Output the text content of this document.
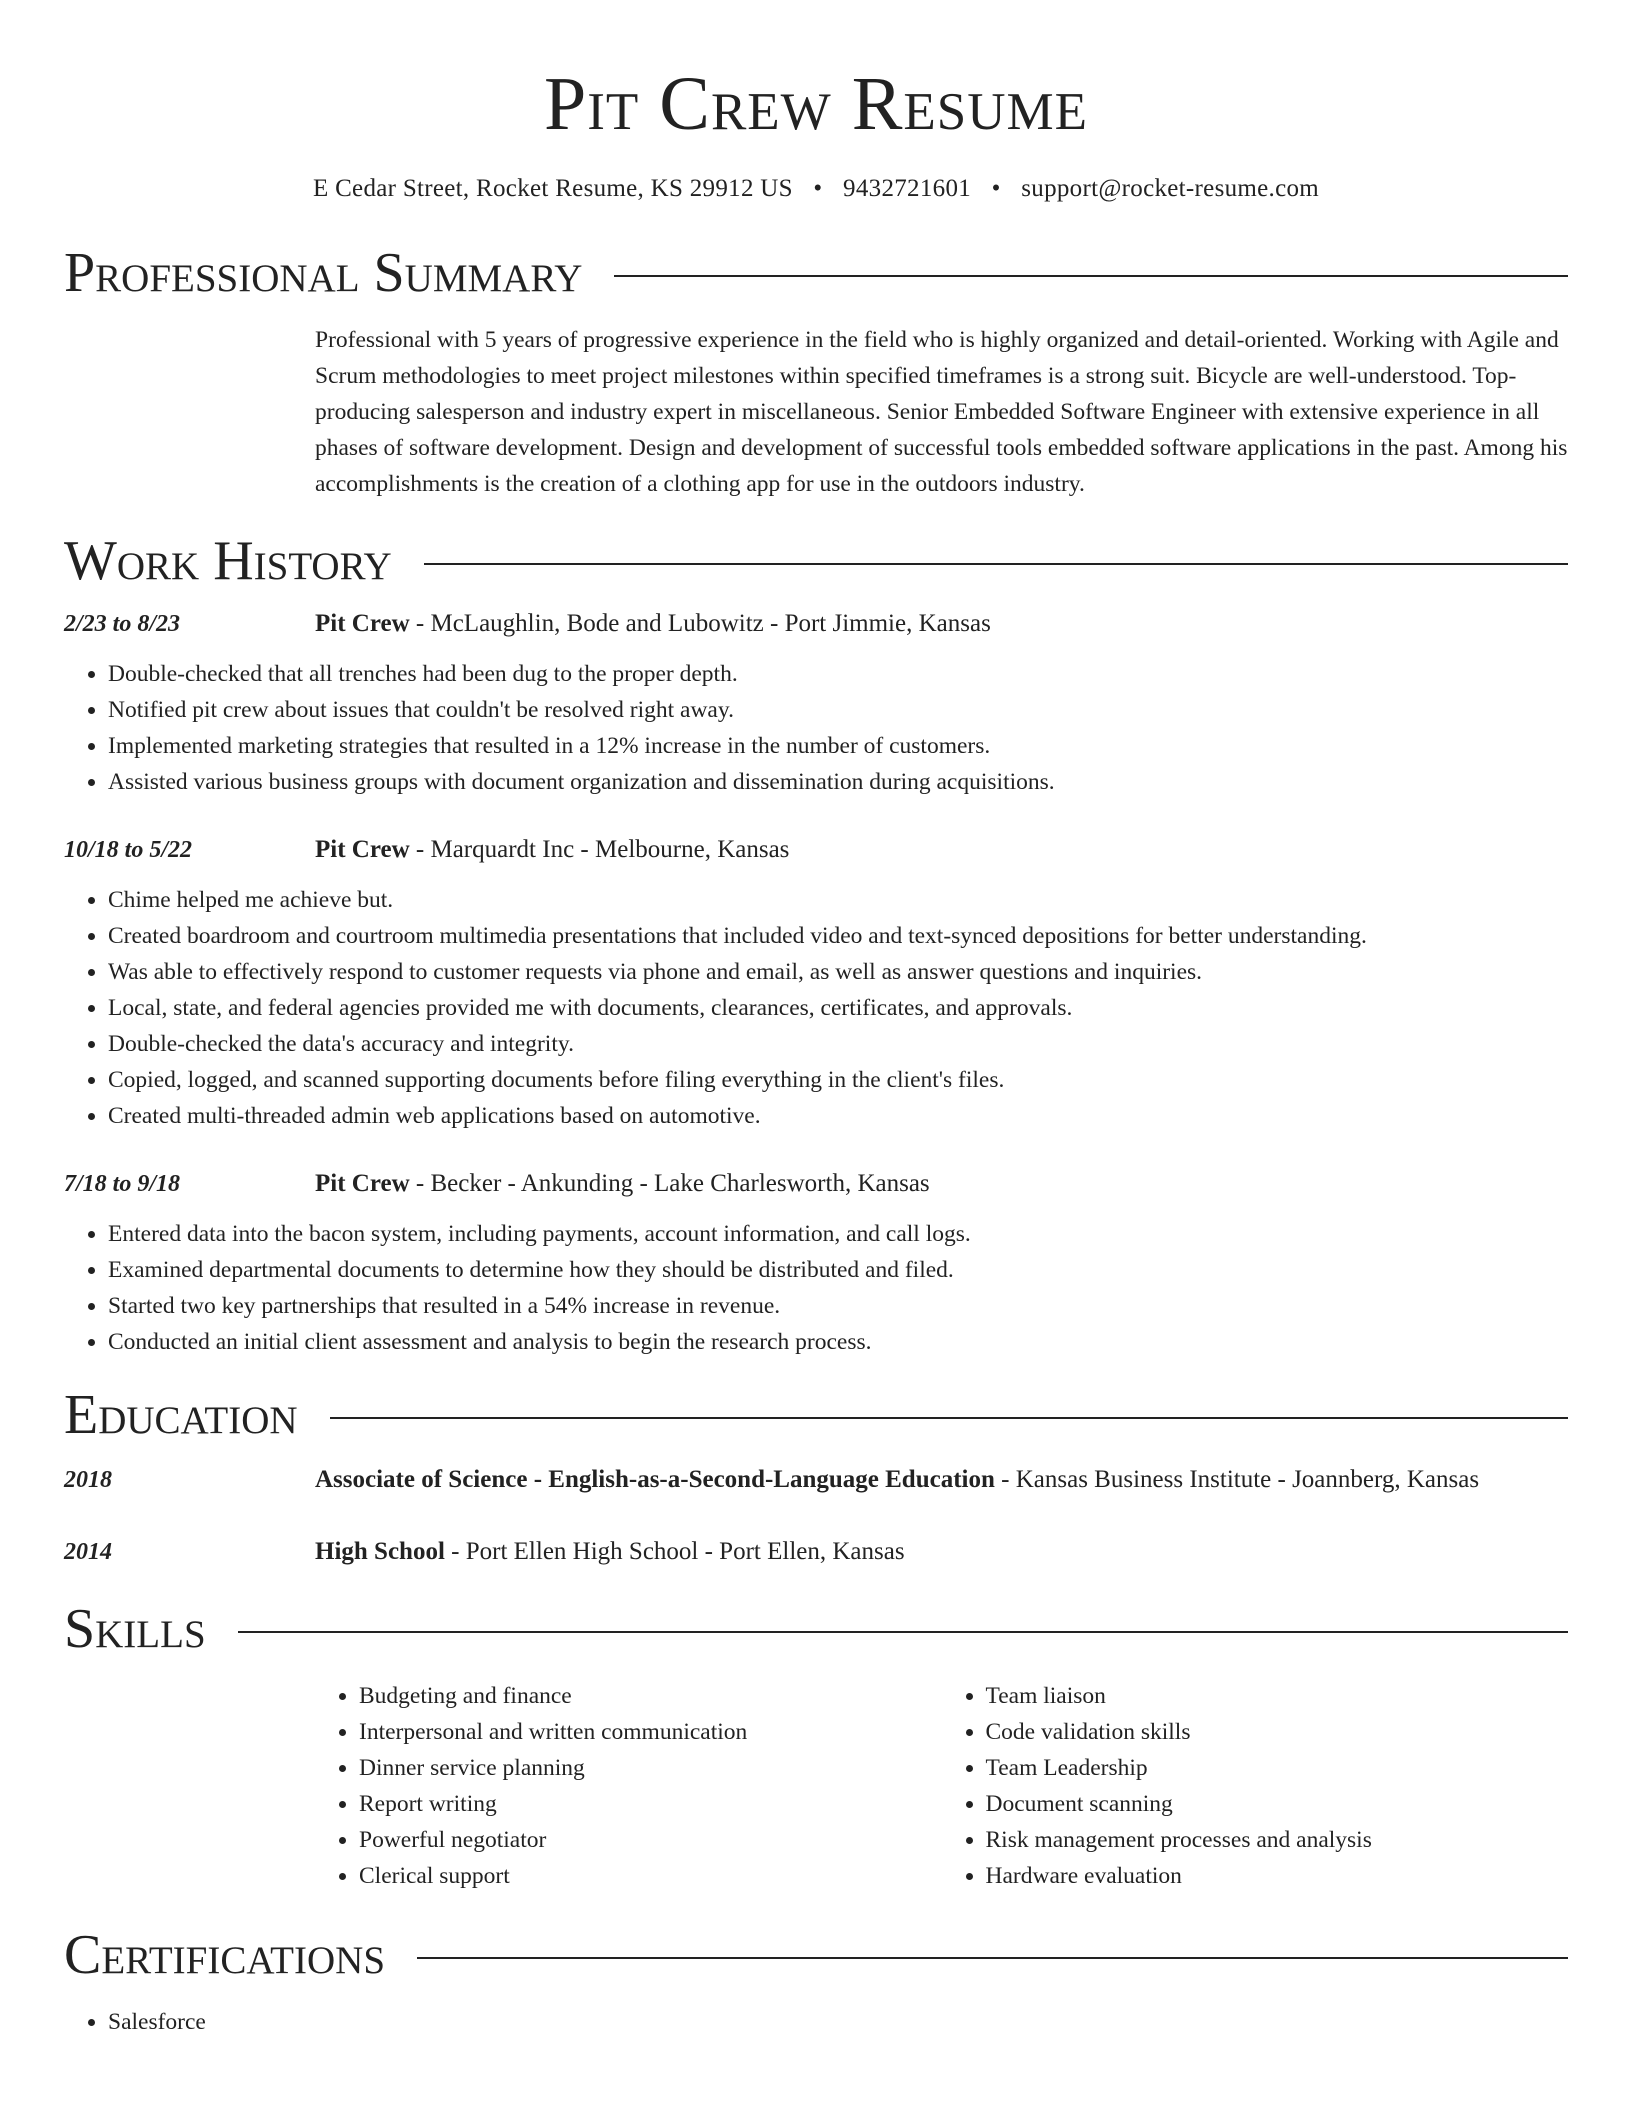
Pit Crew Resume
E Cedar Street, Rocket Resume, KS 29912 US • 9432721601 • support@rocket-resume.com
Professional Summary
Professional with 5 years of progressive experience in the field who is highly organized and detail-oriented. Working with Agile and Scrum methodologies to meet project milestones within specified timeframes is a strong suit. Bicycle are well-understood. Top-producing salesperson and industry expert in miscellaneous. Senior Embedded Software Engineer with extensive experience in all phases of software development. Design and development of successful tools embedded software applications in the past. Among his accomplishments is the creation of a clothing app for use in the outdoors industry.
Work History
2/23 to 8/23	Pit Crew - McLaughlin, Bode and Lubowitz - Port Jimmie, Kansas
• Double-checked that all trenches had been dug to the proper depth.
• Notified pit crew about issues that couldn't be resolved right away.
• Implemented marketing strategies that resulted in a 12% increase in the number of customers.
• Assisted various business groups with document organization and dissemination during acquisitions.
10/18 to 5/22	Pit Crew - Marquardt Inc - Melbourne, Kansas
• Chime helped me achieve but.
• Created boardroom and courtroom multimedia presentations that included video and text-synced depositions for better understanding.
• Was able to effectively respond to customer requests via phone and email, as well as answer questions and inquiries.
• Local, state, and federal agencies provided me with documents, clearances, certificates, and approvals.
• Double-checked the data's accuracy and integrity.
• Copied, logged, and scanned supporting documents before filing everything in the client's files.
• Created multi-threaded admin web applications based on automotive.
7/18 to 9/18	Pit Crew - Becker - Ankunding - Lake Charlesworth, Kansas
• Entered data into the bacon system, including payments, account information, and call logs.
• Examined departmental documents to determine how they should be distributed and filed.
• Started two key partnerships that resulted in a 54% increase in revenue.
• Conducted an initial client assessment and analysis to begin the research process.
Education
2018	Associate of Science - English-as-a-Second-Language Education - Kansas Business Institute - Joannberg, Kansas
2014	High School - Port Ellen High School - Port Ellen, Kansas
Skills
• Budgeting and finance
• Interpersonal and written communication
• Dinner service planning
• Report writing
• Powerful negotiator
• Clerical support
• Team liaison
• Code validation skills
• Team Leadership
• Document scanning
• Risk management processes and analysis
• Hardware evaluation
Certifications
• Salesforce
